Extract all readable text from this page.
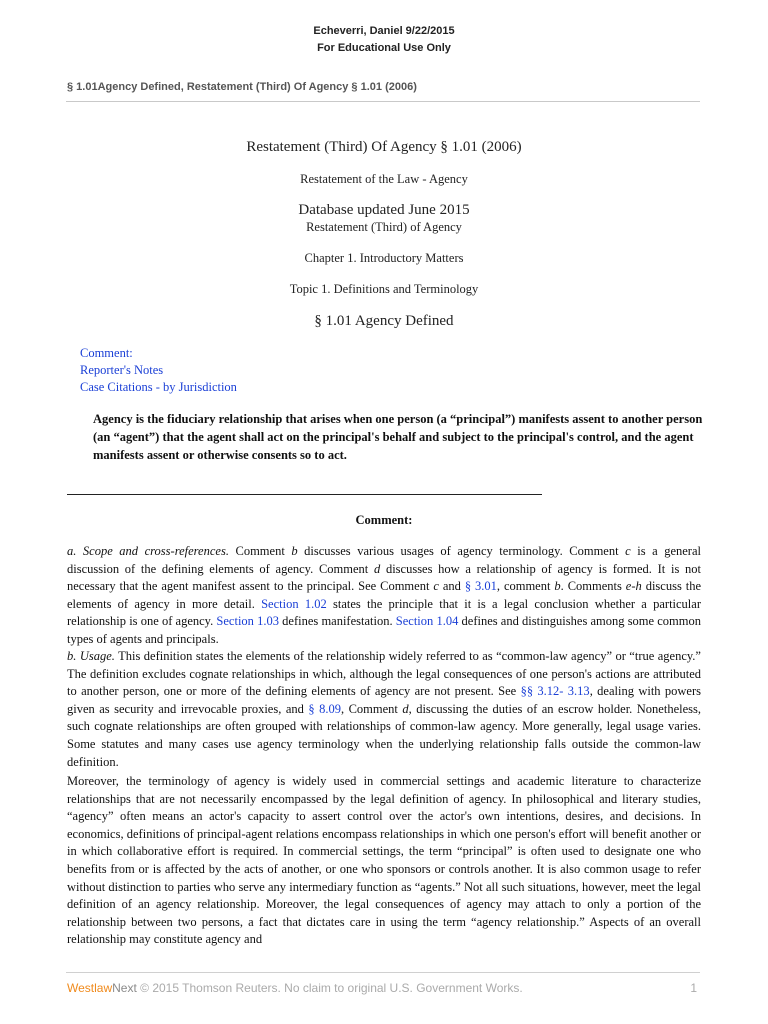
Echeverri, Daniel 9/22/2015
For Educational Use Only
§ 1.01Agency Defined, Restatement (Third) Of Agency § 1.01 (2006)
Restatement (Third) Of Agency § 1.01 (2006)
Restatement of the Law - Agency
Database updated June 2015
Restatement (Third) of Agency
Chapter 1. Introductory Matters
Topic 1. Definitions and Terminology
§ 1.01 Agency Defined
Comment:
Reporter's Notes
Case Citations - by Jurisdiction
Agency is the fiduciary relationship that arises when one person (a “principal”) manifests assent to another person (an “agent”) that the agent shall act on the principal's behalf and subject to the principal's control, and the agent manifests assent or otherwise consents so to act.
Comment:
a. Scope and cross-references. Comment b discusses various usages of agency terminology. Comment c is a general discussion of the defining elements of agency. Comment d discusses how a relationship of agency is formed. It is not necessary that the agent manifest assent to the principal. See Comment c and § 3.01, comment b. Comments e-h discuss the elements of agency in more detail. Section 1.02 states the principle that it is a legal conclusion whether a particular relationship is one of agency. Section 1.03 defines manifestation. Section 1.04 defines and distinguishes among some common types of agents and principals.
b. Usage. This definition states the elements of the relationship widely referred to as “common-law agency” or “true agency.” The definition excludes cognate relationships in which, although the legal consequences of one person's actions are attributed to another person, one or more of the defining elements of agency are not present. See §§ 3.12- 3.13, dealing with powers given as security and irrevocable proxies, and § 8.09, Comment d, discussing the duties of an escrow holder. Nonetheless, such cognate relationships are often grouped with relationships of common-law agency. More generally, legal usage varies. Some statutes and many cases use agency terminology when the underlying relationship falls outside the common-law definition.
Moreover, the terminology of agency is widely used in commercial settings and academic literature to characterize relationships that are not necessarily encompassed by the legal definition of agency. In philosophical and literary studies, “agency” often means an actor's capacity to assert control over the actor's own intentions, desires, and decisions. In economics, definitions of principal-agent relations encompass relationships in which one person's effort will benefit another or in which collaborative effort is required. In commercial settings, the term “principal” is often used to designate one who benefits from or is affected by the acts of another, or one who sponsors or controls another. It is also common usage to refer without distinction to parties who serve any intermediary function as “agents.” Not all such situations, however, meet the legal definition of an agency relationship. Moreover, the legal consequences of agency may attach to only a portion of the relationship between two persons, a fact that dictates care in using the term “agency relationship.” Aspects of an overall relationship may constitute agency and
WestlawNext © 2015 Thomson Reuters. No claim to original U.S. Government Works.	1
